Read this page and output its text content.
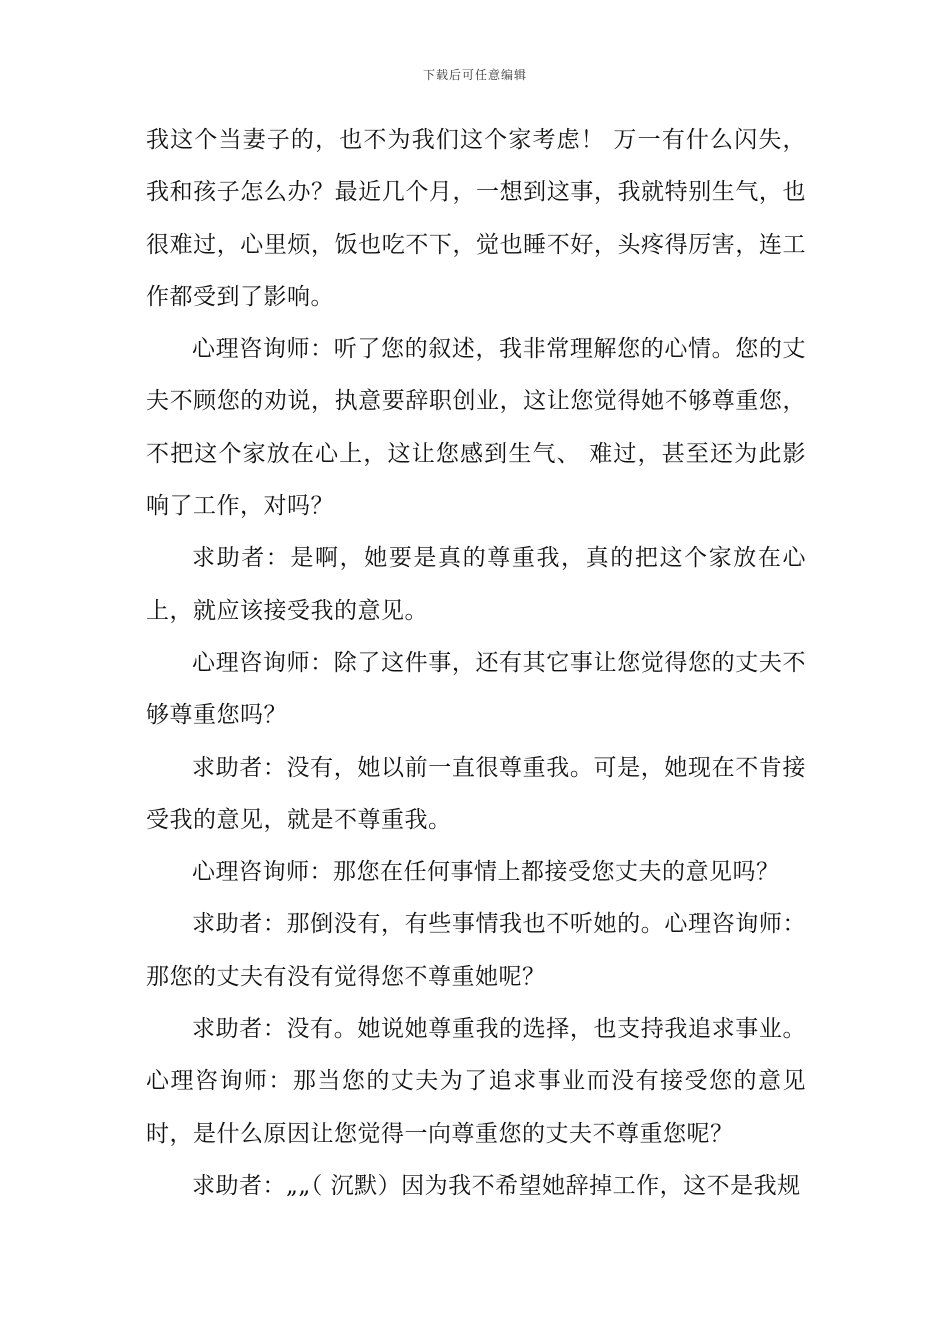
下载后可任意编辑

我这个当妻子的，也不为我们这个家考虑！ 万一有什么闪失，我和孩子怎么办？最近几个月，一想到这事，我就特别生气，也很难过，心里烦，饭也吃不下，觉也睡不好，头疼得厉害，连工作都受到了影响。

心理咨询师：听了您的叙述，我非常理解您的心情。您的丈夫不顾您的劝说，执意要辞职创业，这让您觉得她不够尊重您，不把这个家放在心上，这让您感到生气、 难过，甚至还为此影响了工作，对吗？

求助者：是啊，她要是真的尊重我，真的把这个家放在心上，就应该接受我的意见。

心理咨询师：除了这件事，还有其它事让您觉得您的丈夫不够尊重您吗？

求助者：没有，她以前一直很尊重我。可是，她现在不肯接受我的意见，就是不尊重我。

心理咨询师：那您在任何事情上都接受您丈夫的意见吗？

求助者：那倒没有，有些事情我也不听她的。心理咨询师：那您的丈夫有没有觉得您不尊重她呢？

求助者：没有。她说她尊重我的选择，也支持我追求事业。心理咨询师：那当您的丈夫为了追求事业而没有接受您的意见时，是什么原因让您觉得一向尊重您的丈夫不尊重您呢？

求助者：„„（ 沉默）因为我不希望她辞掉工作，这不是我规
